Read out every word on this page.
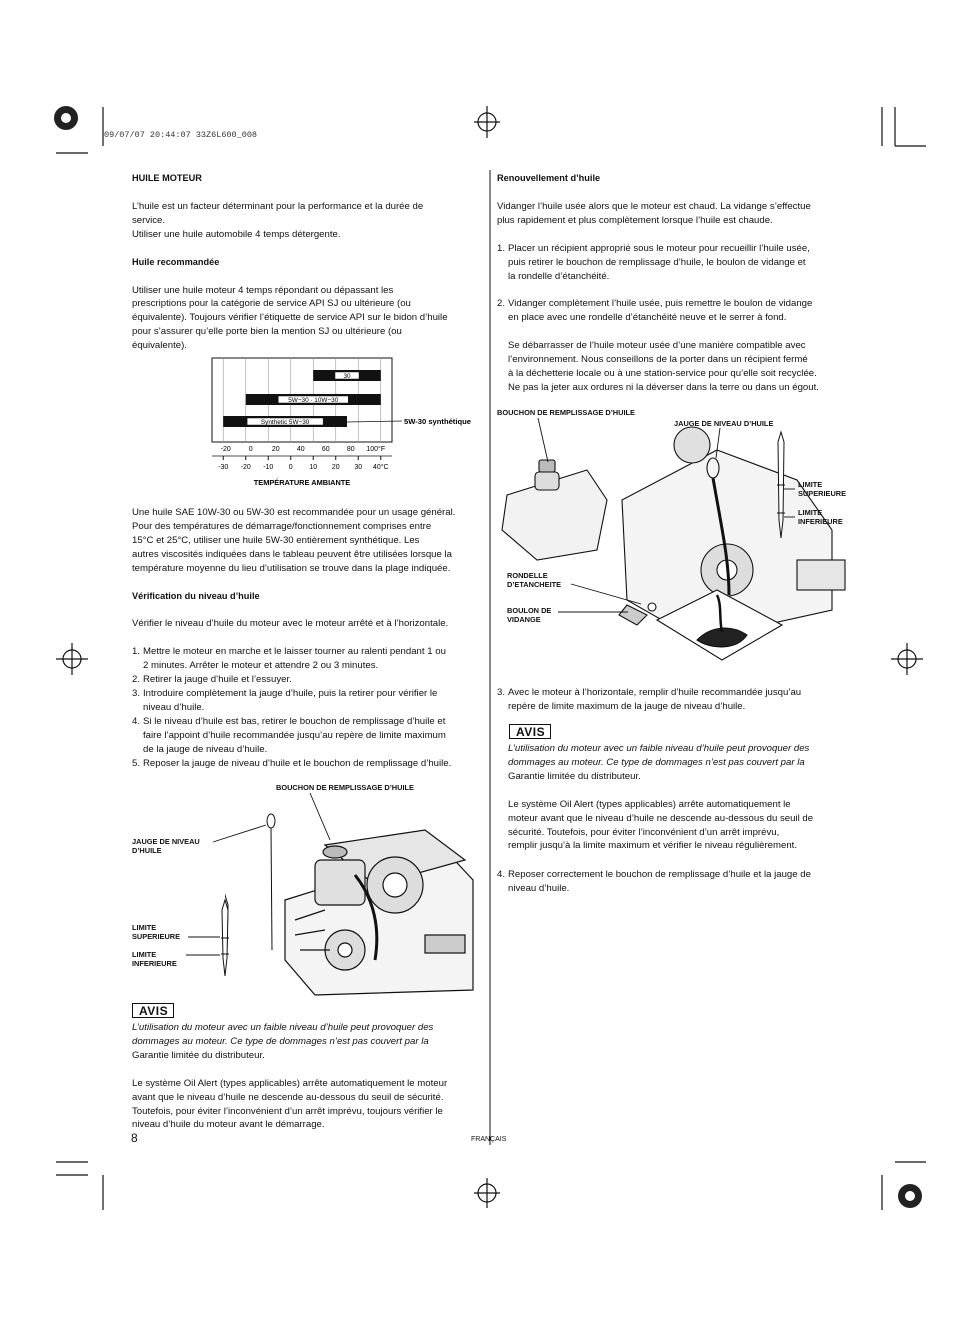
09/07/07 20:44:07 33Z6L600_008

HUILE MOTEUR

L’huile est un facteur déterminant pour la performance et la durée de

service.

Utiliser une huile automobile 4 temps détergente.

Huile recommandée

Utiliser une huile moteur 4 temps répondant ou dépassant les

prescriptions pour la catégorie de service API SJ ou ultérieure (ou

équivalente). Toujours vérifier l’étiquette de service API sur le bidon d’huile

pour s’assurer qu’elle porte bien la mention SJ ou ultérieure (ou

équivalente).

30
5W−30 · 10W−30
Synthetic 5W−30
-20	0	20 40 60 80 100°F
-30 -20 -10 0 10 20 30 40°C
TEMPÉRATURE AMBIANTE
5W-30 synthétique

Une huile SAE 10W-30 ou 5W-30 est recommandée pour un usage général.

Pour des températures de démarrage/fonctionnement comprises entre

15°C et 25°C, utiliser une huile 5W-30 entièrement synthétique. Les

autres viscosités indiquées dans le tableau peuvent être utilisées lorsque la

température moyenne du lieu d’utilisation se trouve dans la plage indiquée.

Vérification du niveau d’huile

Vérifier le niveau d’huile du moteur avec le moteur arrêté et à l’horizontale.

1. Mettre le moteur en marche et le laisser tourner au ralenti pendant 1 ou

2 minutes. Arrêter le moteur et attendre 2 ou 3 minutes.

2. Retirer la jauge d’huile et l’essuyer.

3. Introduire complètement la jauge d’huile, puis la retirer pour vérifier le

niveau d’huile.

4. Si le niveau d’huile est bas, retirer le bouchon de remplissage d’huile et

faire l’appoint d’huile recommandée jusqu’au repère de limite maximum

de la jauge de niveau d’huile.

5. Reposer la jauge de niveau d’huile et le bouchon de remplissage d’huile.

BOUCHON DE REMPLISSAGE D’HUILE
JAUGE DE NIVEAU
D’HUILE
LIMITE
SUPERIEURE
LIMITE
INFERIEURE
AVIS

L’utilisation du moteur avec un faible niveau d’huile peut provoquer des

dommages au moteur. Ce type de dommages n’est pas couvert par la

Garantie limitée du distributeur.

Le système Oil Alert (types applicables) arrête automatiquement le moteur

avant que le niveau d’huile ne descende au-dessous du seuil de sécurité.

Toutefois, pour éviter l’inconvénient d’un arrêt imprévu, toujours vérifier le

niveau d’huile du moteur avant le démarrage.

8	FRANÇAIS

Renouvellement d’huile

Vidanger l’huile usée alors que le moteur est chaud. La vidange s’effectue

plus rapidement et plus complètement lorsque l’huile est chaude.

1. Placer un récipient approprié sous le moteur pour recueillir l’huile usée,

puis retirer le bouchon de remplissage d’huile, le boulon de vidange et

la rondelle d’étanchéité.

2. Vidanger complètement l’huile usée, puis remettre le boulon de vidange

en place avec une rondelle d’étanchéité neuve et le serrer à fond.

Se débarrasser de l’huile moteur usée d’une manière compatible avec

l’environnement. Nous conseillons de la porter dans un récipient fermé

à la déchetterie locale ou à une station-service pour qu’elle soit recyclée.

Ne pas la jeter aux ordures ni la déverser dans la terre ou dans un égout.

BOUCHON DE REMPLISSAGE D’HUILE
JAUGE DE NIVEAU D’HUILE
LIMITE
SUPERIEURE
LIMITE
INFERIEURE
RONDELLE
D’ETANCHEITE
BOULON DE
VIDANGE
3. Avec le moteur à l’horizontale, remplir d’huile recommandée jusqu’au

repère de limite maximum de la jauge de niveau d’huile.

AVIS

L’utilisation du moteur avec un faible niveau d’huile peut provoquer des

dommages au moteur. Ce type de dommages n’est pas couvert par la

Garantie limitée du distributeur.

Le système Oil Alert (types applicables) arrête automatiquement le

moteur avant que le niveau d’huile ne descende au-dessous du seuil de

sécurité. Toutefois, pour éviter l’inconvénient d’un arrêt imprévu,

remplir jusqu’à la limite maximum et vérifier le niveau régulièrement.

4. Reposer correctement le bouchon de remplissage d’huile et la jauge de

niveau d’huile.
